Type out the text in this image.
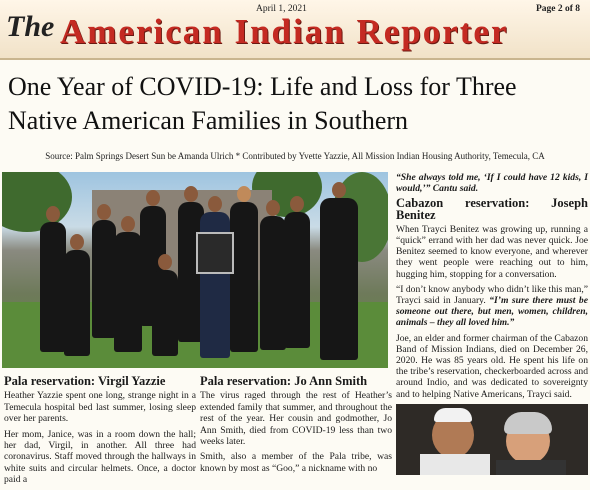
The American Indian Reporter
April 1, 2021	Page 2 of 8
One Year of COVID-19: Life and Loss for Three Native American Families in Southern
Source: Palm Springs Desert Sun be Amanda Ulrich * Contributed by Yvette Yazzie, All Mission Indian Housing Authority, Temecula, CA

“She always told me, ‘If I could have 12 kids, I would,’” Cantu said.

Cabazon reservation: Joseph Benitez

When Trayci Benitez was growing up, running a “quick” errand with her dad was never quick. Joe Benitez seemed to know everyone, and wherever they went people were reaching out to him, hugging him, stopping for a conversation.

“I don’t know anybody who didn’t like this man,” Trayci said in January. “I’m sure there must be someone out there, but men, women, children, animals – they all loved him.”

Joe, an elder and former chairman of the Cabazon Band of Mission Indians, died on December 26, 2020. He was 85 years old. He spent his life on the tribe’s reservation, checkerboarded across and around Indio, and was dedicated to sovereignty and to helping Native Americans, Trayci said.

Pala reservation: Virgil Yazzie

Heather Yazzie spent one long, strange night in a Temecula hospital bed last summer, losing sleep over her parents.

Her mom, Janice, was in a room down the hall; her dad, Virgil, in another. All three had coronavirus. Staff moved through the hallways in white suits and circular helmets. Once, a doctor paid a

Pala reservation: Jo Ann Smith

The virus raged through the rest of Heather’s extended family that summer, and throughout the rest of the year. Her cousin and godmother, Jo Ann Smith, died from COVID-19 less than two weeks later.

Smith, also a member of the Pala tribe, was known by most as “Goo,” a nickname with no
